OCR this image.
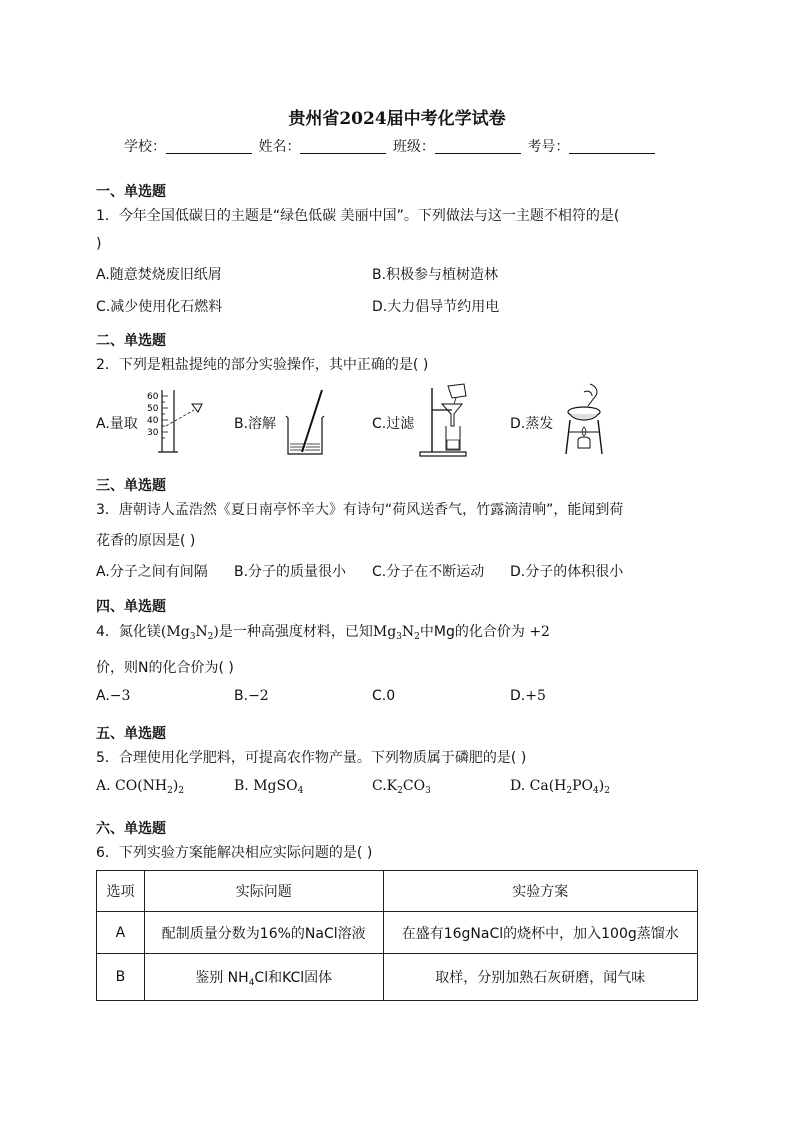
贵州省2024届中考化学试卷
学校：	姓名：	班级：	考号：
一、单选题
1．今年全国低碳日的主题是“绿色低碳 美丽中国”。下列做法与这一主题不相符的是(
)
A.随意焚烧废旧纸屑	B.积极参与植树造林
C.减少使用化石燃料	D.大力倡导节约用电
二、单选题
2．下列是粗盐提纯的部分实验操作，其中正确的是( )
A.量取
60
50
40
30
B.溶解	C.过滤	D.蒸发
三、单选题
3．唐朝诗人孟浩然《夏日南亭怀辛大》有诗句“荷风送香气，竹露滴清响”，能闻到荷
花香的原因是( )
A.分子之间有间隔 B.分子的质量很小 C.分子在不断运动 D.分子的体积很小
四、单选题
4．氮化镁$(Mg_3N_2)$是一种高强度材料，已知$Mg_3N_2$中Mg的化合价为 +2
价，则N的化合价为( )
A.−3	B.−2	C.0	D.+5
五、单选题
5．合理使用化学肥料，可提高农作物产量。下列物质属于磷肥的是( )
A. $CO(NH_2)_2$	B. MgSO$_4$	$C.K_2CO_3$	D. $Ca(H_2PO_4)_2$
六、单选题
6．下列实验方案能解决相应实际问题的是( )
选项	实际问题	实验方案
A	配制质量分数为16%的NaCl溶液	在盛有16gNaCl的烧杯中，加入100g蒸馏水
B	鉴别 $NH_4Cl$和KCl固体	取样，分别加熟石灰研磨，闻气味
